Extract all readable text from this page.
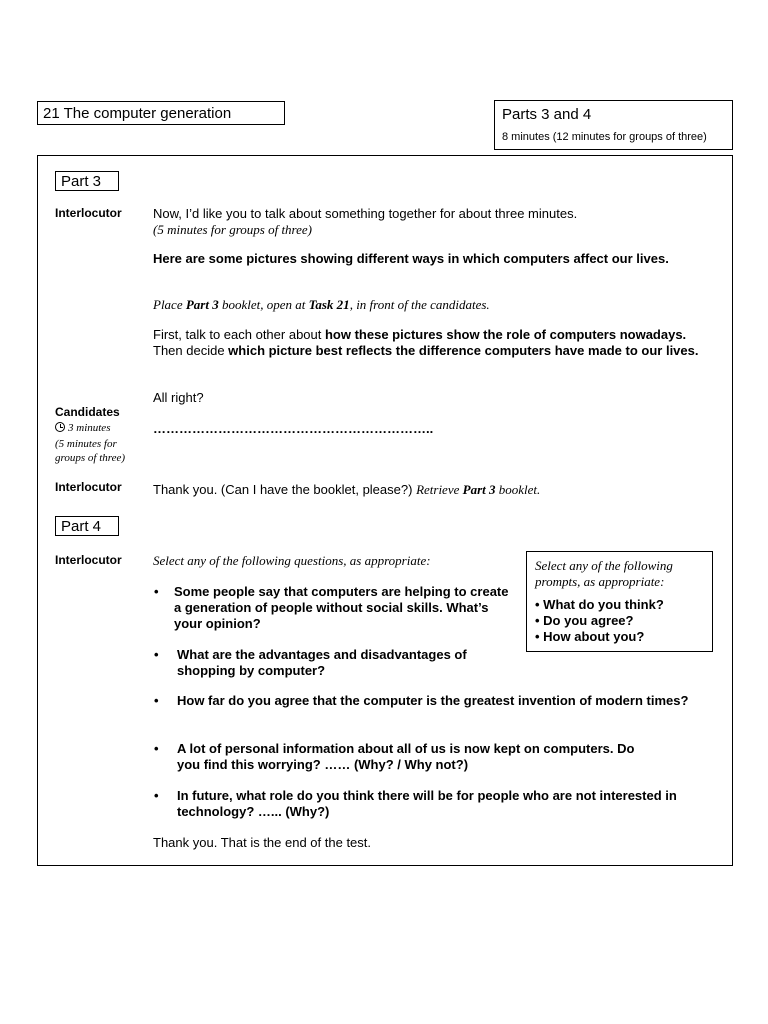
21 The computer generation	Parts 3 and 4
8 minutes (12 minutes for groups of three)
Part 3
Interlocutor Now, I’d like you to talk about something together for about three minutes.
(5 minutes for groups of three)
Here are some pictures showing different ways in which computers affect our lives.
Place Part 3 booklet, open at Task 21, in front of the candidates.
First, talk to each other about how these pictures show the role of computers nowadays. Then decide which picture best reflects the difference computers have made to our lives.
All right?
Candidates
3 minutes
(5 minutes for groups of three)
………………………………………………………..
Interlocutor Thank you. (Can I have the booklet, please?) Retrieve Part 3 booklet.
Part 4
Interlocutor Select any of the following questions, as appropriate:	Select any of the following prompts, as appropriate:
• What do you think?
• Do you agree?
• How about you?
• Some people say that computers are helping to create a generation of people without social skills. What’s your opinion?
• What are the advantages and disadvantages of shopping by computer?
• How far do you agree that the computer is the greatest invention of modern times?
• A lot of personal information about all of us is now kept on computers. Do you find this worrying? …… (Why? / Why not?)
• In future, what role do you think there will be for people who are not interested in technology? …... (Why?)
Thank you. That is the end of the test.
